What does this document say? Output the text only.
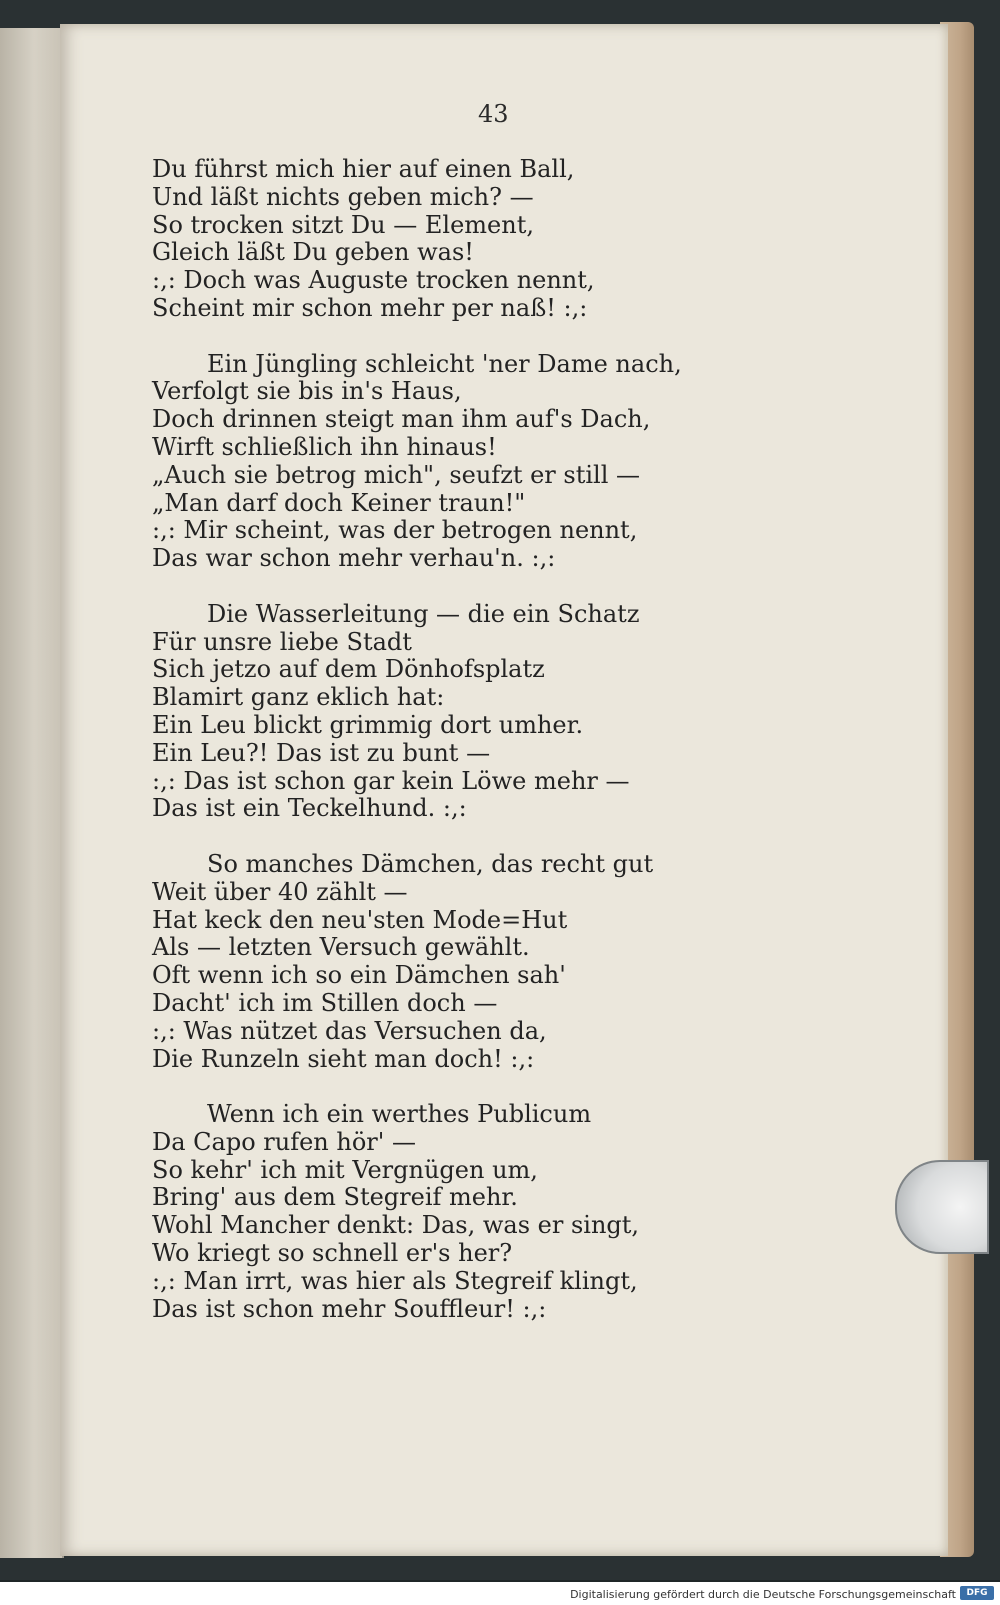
43
Du führst mich hier auf einen Ball,
Und läßt nichts geben mich? —
So trocken sitzt Du — Element,
Gleich läßt Du geben was!
:,: Doch was Auguste trocken nennt,
Scheint mir schon mehr per naß! :,:
Ein Jüngling schleicht 'ner Dame nach,
Verfolgt sie bis in's Haus,
Doch drinnen steigt man ihm auf's Dach,
Wirft schließlich ihn hinaus!
„Auch sie betrog mich", seufzt er still —
„Man darf doch Keiner traun!"
:,: Mir scheint, was der betrogen nennt,
Das war schon mehr verhau'n. :,:
Die Wasserleitung — die ein Schatz
Für unsre liebe Stadt
Sich jetzo auf dem Dönhofsplatz
Blamirt ganz eklich hat:
Ein Leu blickt grimmig dort umher.
Ein Leu?! Das ist zu bunt —
:,: Das ist schon gar kein Löwe mehr —
Das ist ein Teckelhund. :,:
So manches Dämchen, das recht gut
Weit über 40 zählt —
Hat keck den neu'sten Mode=Hut
Als — letzten Versuch gewählt.
Oft wenn ich so ein Dämchen sah'
Dacht' ich im Stillen doch —
:,: Was nützet das Versuchen da,
Die Runzeln sieht man doch! :,:
Wenn ich ein werthes Publicum
Da Capo rufen hör' —
So kehr' ich mit Vergnügen um,
Bring' aus dem Stegreif mehr.
Wohl Mancher denkt: Das, was er singt,
Wo kriegt so schnell er's her?
:,: Man irrt, was hier als Stegreif klingt,
Das ist schon mehr Souffleur! :,:
Digitalisierung gefördert durch die Deutsche Forschungsgemeinschaft	DFG
